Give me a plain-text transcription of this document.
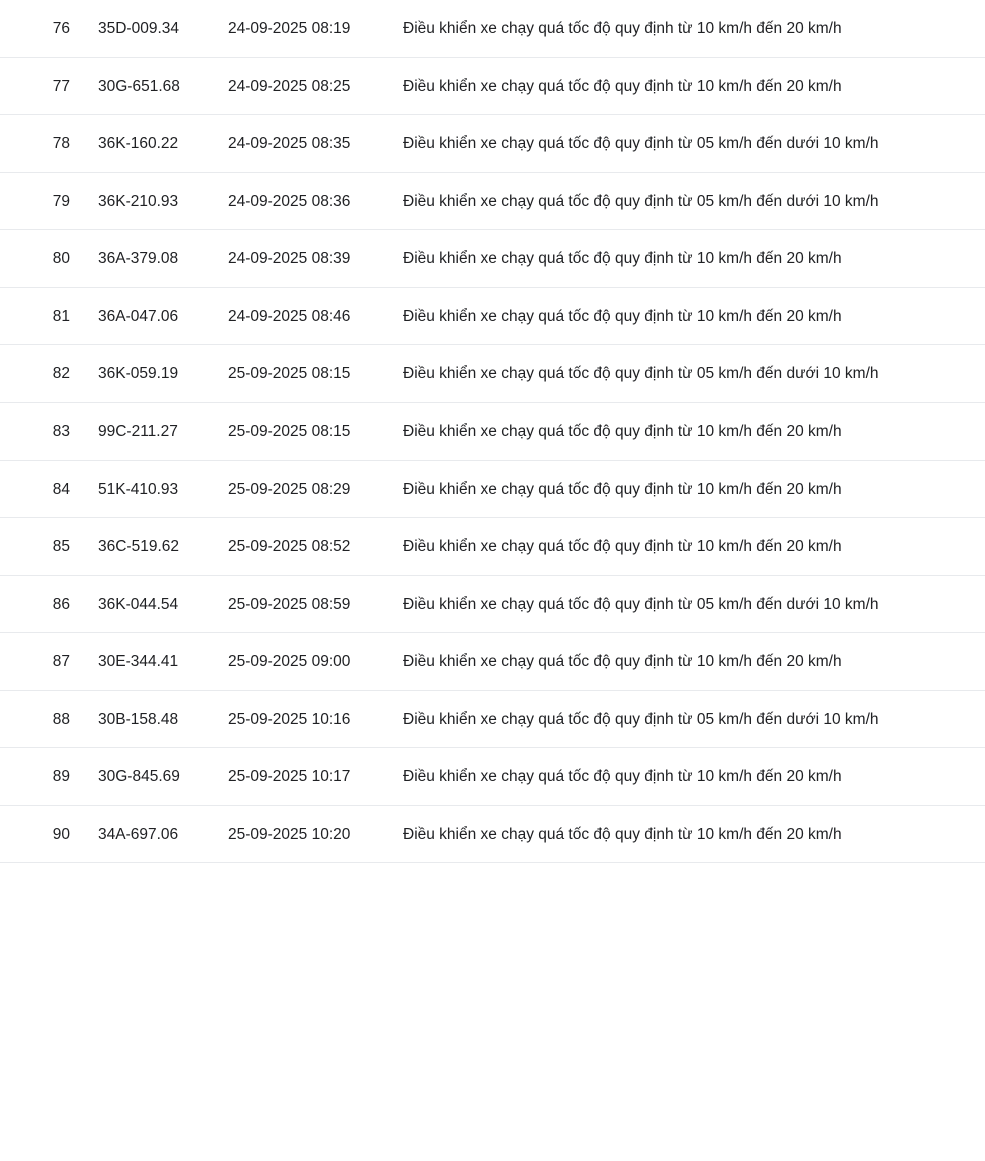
76	35D-009.34	24-09-2025 08:19	Điều khiển xe chạy quá tốc độ quy định từ 10 km/h đến 20 km/h
77	30G-651.68	24-09-2025 08:25	Điều khiển xe chạy quá tốc độ quy định từ 10 km/h đến 20 km/h
78	36K-160.22	24-09-2025 08:35	Điều khiển xe chạy quá tốc độ quy định từ 05 km/h đến dưới 10 km/h
79	36K-210.93	24-09-2025 08:36	Điều khiển xe chạy quá tốc độ quy định từ 05 km/h đến dưới 10 km/h
80	36A-379.08	24-09-2025 08:39	Điều khiển xe chạy quá tốc độ quy định từ 10 km/h đến 20 km/h
81	36A-047.06	24-09-2025 08:46	Điều khiển xe chạy quá tốc độ quy định từ 10 km/h đến 20 km/h
82	36K-059.19	25-09-2025 08:15	Điều khiển xe chạy quá tốc độ quy định từ 05 km/h đến dưới 10 km/h
83	99C-211.27	25-09-2025 08:15	Điều khiển xe chạy quá tốc độ quy định từ 10 km/h đến 20 km/h
84	51K-410.93	25-09-2025 08:29	Điều khiển xe chạy quá tốc độ quy định từ 10 km/h đến 20 km/h
85	36C-519.62	25-09-2025 08:52	Điều khiển xe chạy quá tốc độ quy định từ 10 km/h đến 20 km/h
86	36K-044.54	25-09-2025 08:59	Điều khiển xe chạy quá tốc độ quy định từ 05 km/h đến dưới 10 km/h
87	30E-344.41	25-09-2025 09:00	Điều khiển xe chạy quá tốc độ quy định từ 10 km/h đến 20 km/h
88	30B-158.48	25-09-2025 10:16	Điều khiển xe chạy quá tốc độ quy định từ 05 km/h đến dưới 10 km/h
89	30G-845.69	25-09-2025 10:17	Điều khiển xe chạy quá tốc độ quy định từ 10 km/h đến 20 km/h
90	34A-697.06	25-09-2025 10:20	Điều khiển xe chạy quá tốc độ quy định từ 10 km/h đến 20 km/h
